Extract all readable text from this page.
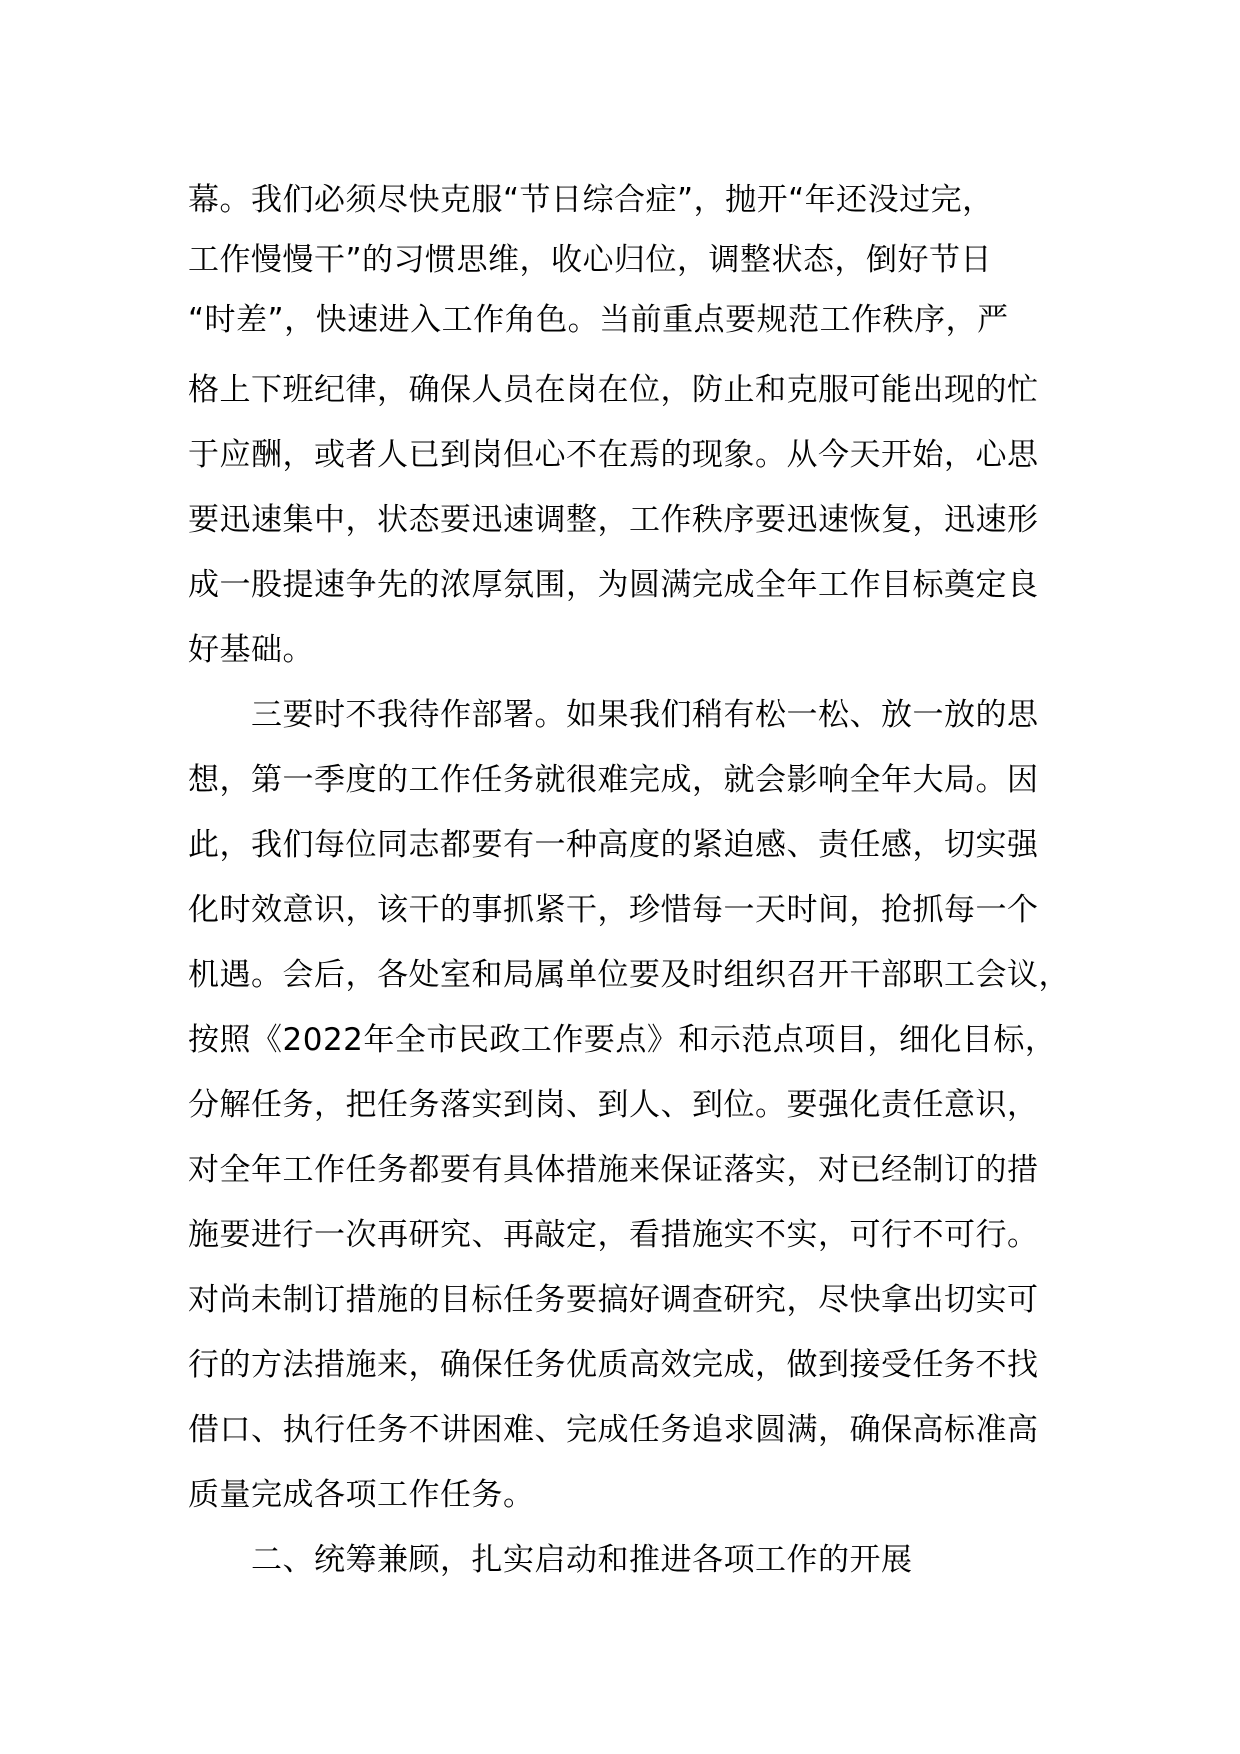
幕。我们必须尽快克服“节日综合症”，抛开“年还没过完，
工作慢慢干”的习惯思维，收心归位，调整状态，倒好节日
“时差”，快速进入工作角色。当前重点要规范工作秩序，严
格上下班纪律，确保人员在岗在位，防止和克服可能出现的忙
于应酬，或者人已到岗但心不在焉的现象。从今天开始，心思
要迅速集中，状态要迅速调整，工作秩序要迅速恢复，迅速形
成一股提速争先的浓厚氛围，为圆满完成全年工作目标奠定良
好基础。
三要时不我待作部署。如果我们稍有松一松、放一放的思
想，第一季度的工作任务就很难完成，就会影响全年大局。因
此，我们每位同志都要有一种高度的紧迫感、责任感，切实强
化时效意识，该干的事抓紧干，珍惜每一天时间，抢抓每一个
机遇。会后，各处室和局属单位要及时组织召开干部职工会议，
按照《2022年全市民政工作要点》和示范点项目，细化目标，
分解任务，把任务落实到岗、到人、到位。要强化责任意识，
对全年工作任务都要有具体措施来保证落实，对已经制订的措
施要进行一次再研究、再敲定，看措施实不实，可行不可行。
对尚未制订措施的目标任务要搞好调查研究，尽快拿出切实可
行的方法措施来，确保任务优质高效完成，做到接受任务不找
借口、执行任务不讲困难、完成任务追求圆满，确保高标准高
质量完成各项工作任务。
二、统筹兼顾，扎实启动和推进各项工作的开展
